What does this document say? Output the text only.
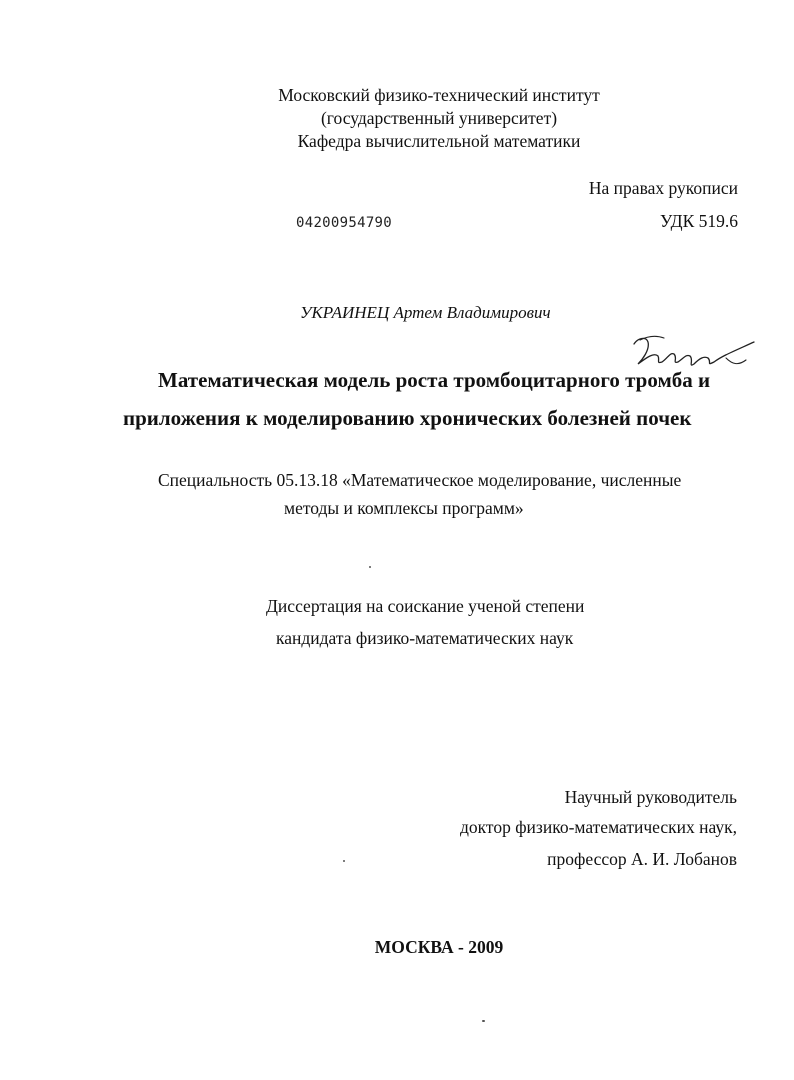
Московский физико-технический институт
(государственный университет)
Кафедра вычислительной математики
На правах рукописи
04200954790	УДК 519.6
УКРАИНЕЦ Артем Владимирович
Математическая модель роста тромбоцитарного тромба и
приложения к моделированию хронических болезней почек
Специальность 05.13.18 «Математическое моделирование, численные
методы и комплексы программ»
Диссертация на соискание ученой степени
кандидата физико-математических наук
Научный руководитель
доктор физико-математических наук,
профессор А. И. Лобанов
МОСКВА - 2009
